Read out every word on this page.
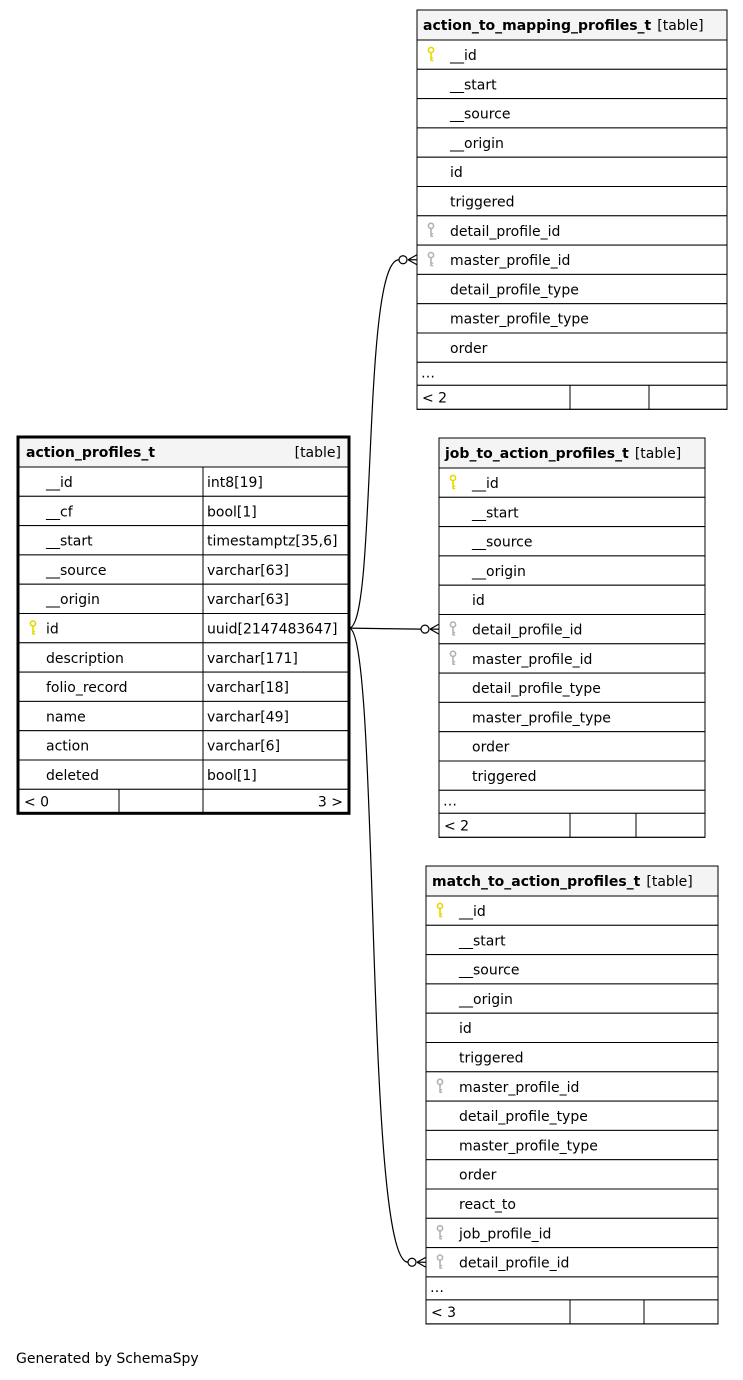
action_profiles_t	[table]
__id	int8[19]
__cf	bool[1]
__start	timestamptz[35,6]
__source	varchar[63]
__origin	varchar[63]
id	uuid[2147483647]
description	varchar[171]
folio_record	varchar[18]
name	varchar[49]
action	varchar[6]
deleted	bool[1]
< 0	3 >
action_to_mapping_profiles_t [table]
__id
__start
__source
__origin
id
triggered
detail_profile_id
master_profile_id
detail_profile_type
master_profile_type
order
…
< 2
job_to_action_profiles_t [table]
__id
__start
__source
__origin
id
detail_profile_id
master_profile_id
detail_profile_type
master_profile_type
order
triggered
…
< 2
match_to_action_profiles_t [table]
__id
__start
__source
__origin
id
triggered
master_profile_id
detail_profile_type
master_profile_type
order
react_to
job_profile_id
detail_profile_id
…
< 3
Generated by SchemaSpy
